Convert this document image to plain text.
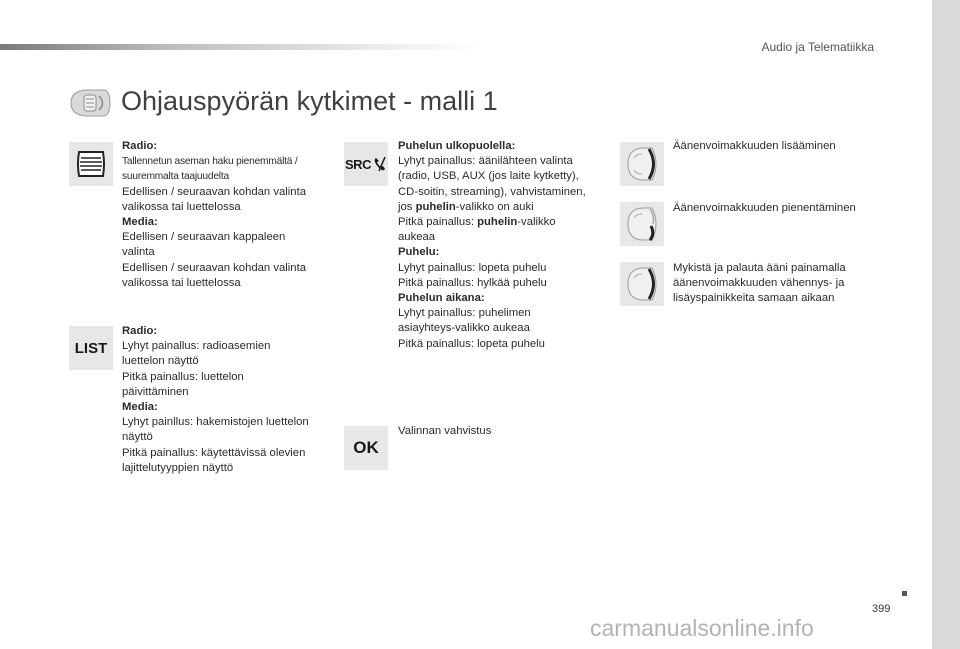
Audio ja Telematiikka
Ohjauspyörän kytkimet - malli 1
Radio:
Tallennetun aseman haku pienemmältä /
suuremmalta taajuudelta
Edellisen / seuraavan kohdan valinta
valikossa tai luettelossa
Media:
Edellisen / seuraavan kappaleen
valinta
Edellisen / seuraavan kohdan valinta
valikossa tai luettelossa
LIST
Radio:
Lyhyt painallus: radioasemien
luettelon näyttö
Pitkä painallus: luettelon
päivittäminen
Media:
Lyhyt painllus: hakemistojen luettelon
näyttö
Pitkä painallus: käytettävissä olevien
lajittelutyyppien näyttö
SRC
Puhelun ulkopuolella:
Lyhyt painallus: äänilähteen valinta
(radio, USB, AUX (jos laite kytketty),
CD-soitin, streaming), vahvistaminen,
jos puhelin-valikko on auki
Pitkä painallus: puhelin-valikko
aukeaa
Puhelu:
Lyhyt painallus: lopeta puhelu
Pitkä painallus: hylkää puhelu
Puhelun aikana:
Lyhyt painallus: puhelimen
asiayhteys-valikko aukeaa
Pitkä painallus: lopeta puhelu
OK
Valinnan vahvistus
Äänenvoimakkuuden lisääminen
Äänenvoimakkuuden pienentäminen
Mykistä ja palauta ääni painamalla
äänenvoimakkuuden vähennys- ja
lisäyspainikkeita samaan aikaan
399
carmanualsonline.info
